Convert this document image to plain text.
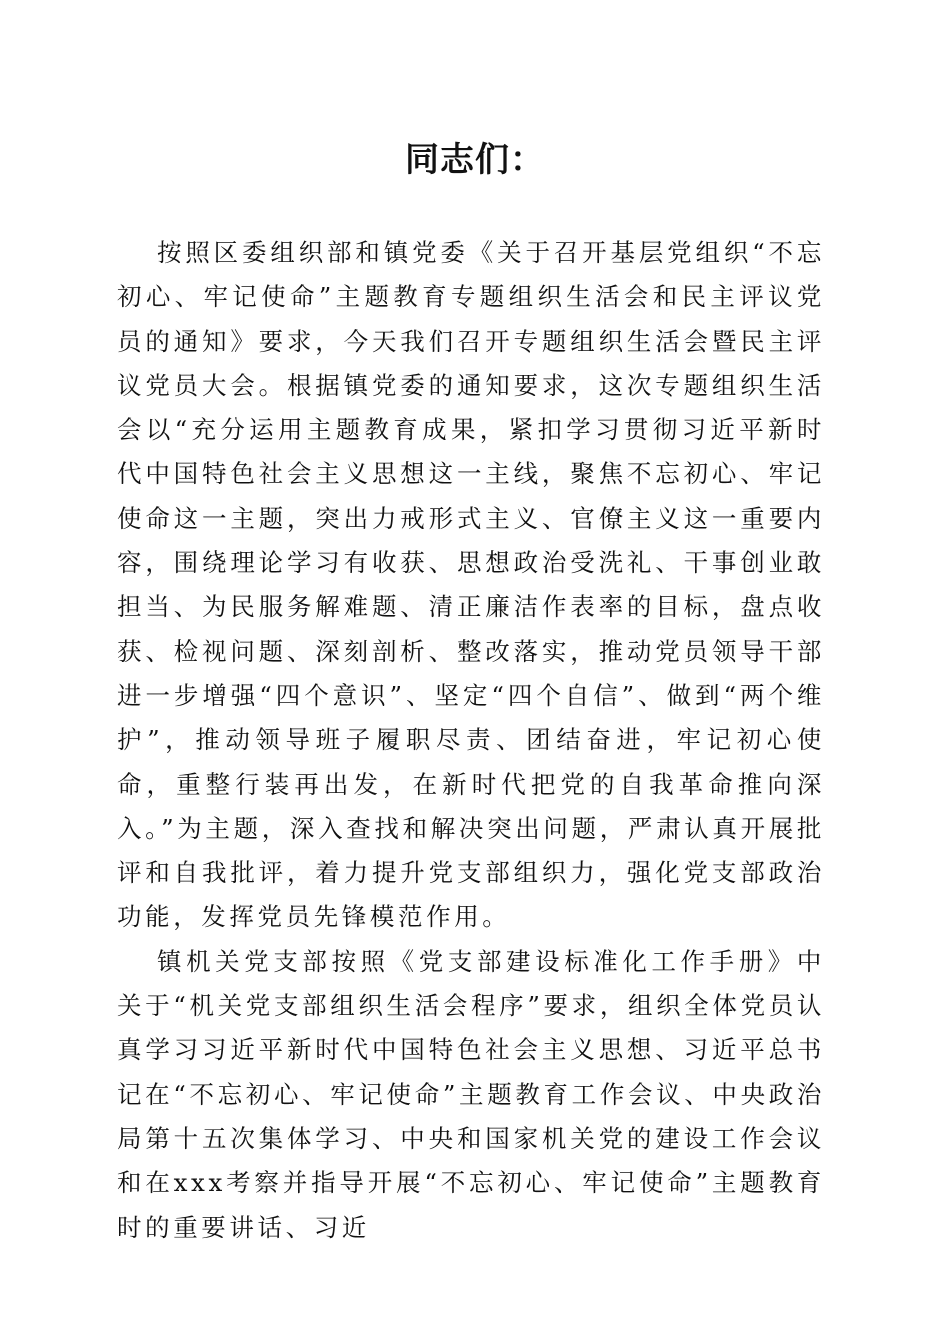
同志们：

按照区委组织部和镇党委《关于召开基层党组织“不忘初心、牢记使命”主题教育专题组织生活会和民主评议党员的通知》要求，今天我们召开专题组织生活会暨民主评议党员大会。根据镇党委的通知要求，这次专题组织生活会以“充分运用主题教育成果，紧扣学习贯彻习近平新时代中国特色社会主义思想这一主线，聚焦不忘初心、牢记使命这一主题，突出力戒形式主义、官僚主义这一重要内容，围绕理论学习有收获、思想政治受洗礼、干事创业敢担当、为民服务解难题、清正廉洁作表率的目标，盘点收获、检视问题、深刻剖析、整改落实，推动党员领导干部进一步增强“四个意识”、坚定“四个自信”、做到“两个维护”，推动领导班子履职尽责、团结奋进，牢记初心使命，重整行装再出发，在新时代把党的自我革命推向深入。”为主题，深入查找和解决突出问题，严肃认真开展批评和自我批评，着力提升党支部组织力，强化党支部政治功能，发挥党员先锋模范作用。

镇机关党支部按照《党支部建设标准化工作手册》中关于“机关党支部组织生活会程序”要求，组织全体党员认真学习习近平新时代中国特色社会主义思想、习近平总书记在“不忘初心、牢记使命”主题教育工作会议、中央政治局第十五次集体学习、中央和国家机关党的建设工作会议和在xxx考察并指导开展“不忘初心、牢记使命”主题教育时的重要讲话、习近
